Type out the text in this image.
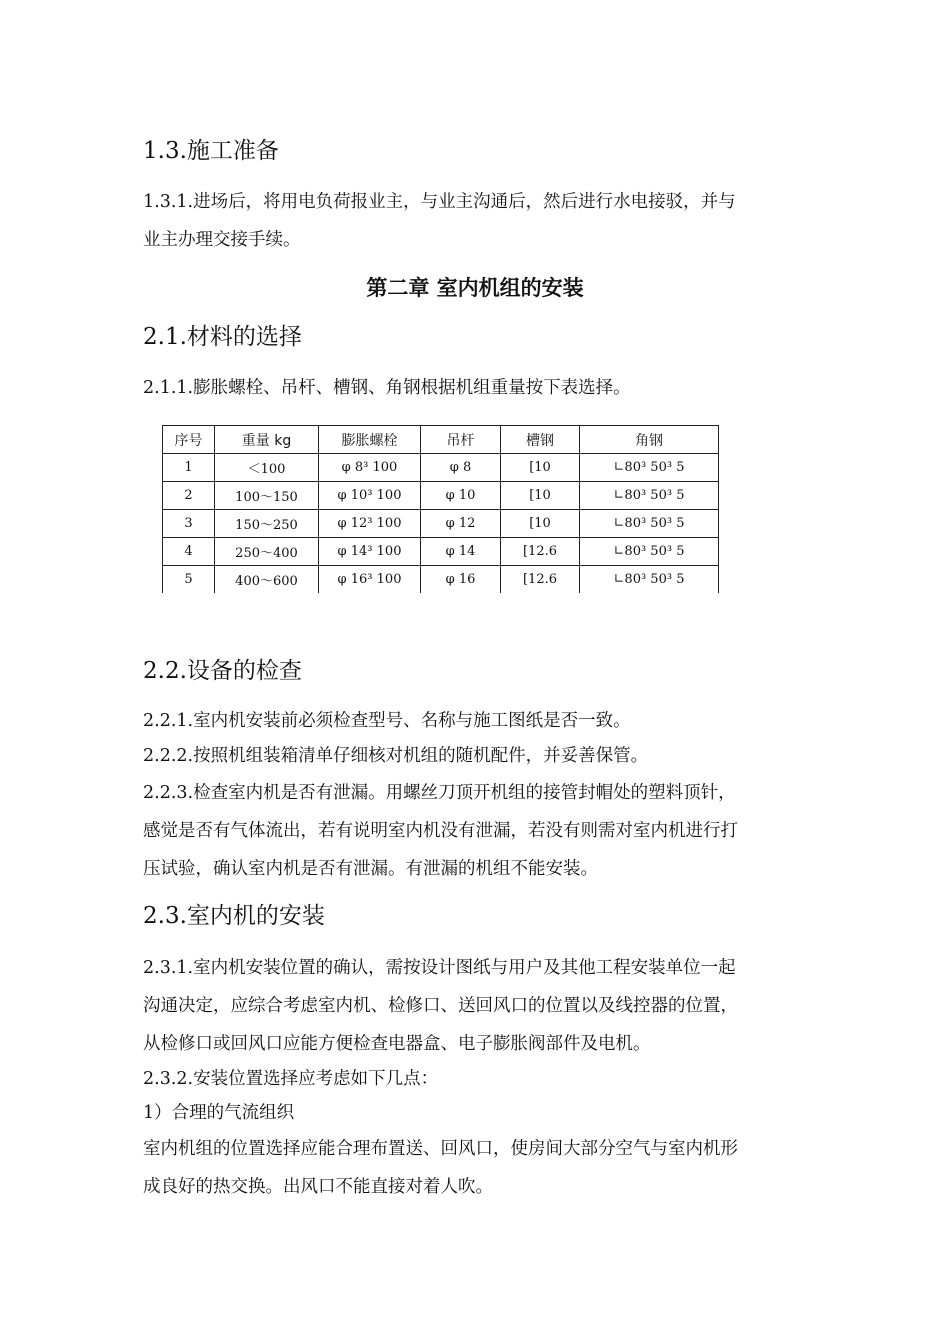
1.3.施工准备
1.3.1.进场后，将用电负荷报业主，与业主沟通后，然后进行水电接驳，并与
业主办理交接手续。
第二章 室内机组的安装
2.1.材料的选择
2.1.1.膨胀螺栓、吊杆、槽钢、角钢根据机组重量按下表选择。
序号	重量 kg	膨胀螺栓	吊杆	槽钢	角钢
1	＜100	φ 8³ 100	φ 8	[10	∟80³ 50³ 5
2	100～150	φ 10³ 100	φ 10	[10	∟80³ 50³ 5
3	150～250	φ 12³ 100	φ 12	[10	∟80³ 50³ 5
4	250～400	φ 14³ 100	φ 14	[12.6	∟80³ 50³ 5
5	400～600	φ 16³ 100	φ 16	[12.6	∟80³ 50³ 5
2.2.设备的检查
2.2.1.室内机安装前必须检查型号、名称与施工图纸是否一致。
2.2.2.按照机组装箱清单仔细核对机组的随机配件，并妥善保管。
2.2.3.检查室内机是否有泄漏。用螺丝刀顶开机组的接管封帽处的塑料顶针，
感觉是否有气体流出，若有说明室内机没有泄漏，若没有则需对室内机进行打
压试验，确认室内机是否有泄漏。有泄漏的机组不能安装。
2.3.室内机的安装
2.3.1.室内机安装位置的确认，需按设计图纸与用户及其他工程安装单位一起
沟通决定，应综合考虑室内机、检修口、送回风口的位置以及线控器的位置，
从检修口或回风口应能方便检查电器盒、电子膨胀阀部件及电机。
2.3.2.安装位置选择应考虑如下几点：
1）合理的气流组织
室内机组的位置选择应能合理布置送、回风口，使房间大部分空气与室内机形
成良好的热交换。出风口不能直接对着人吹。
